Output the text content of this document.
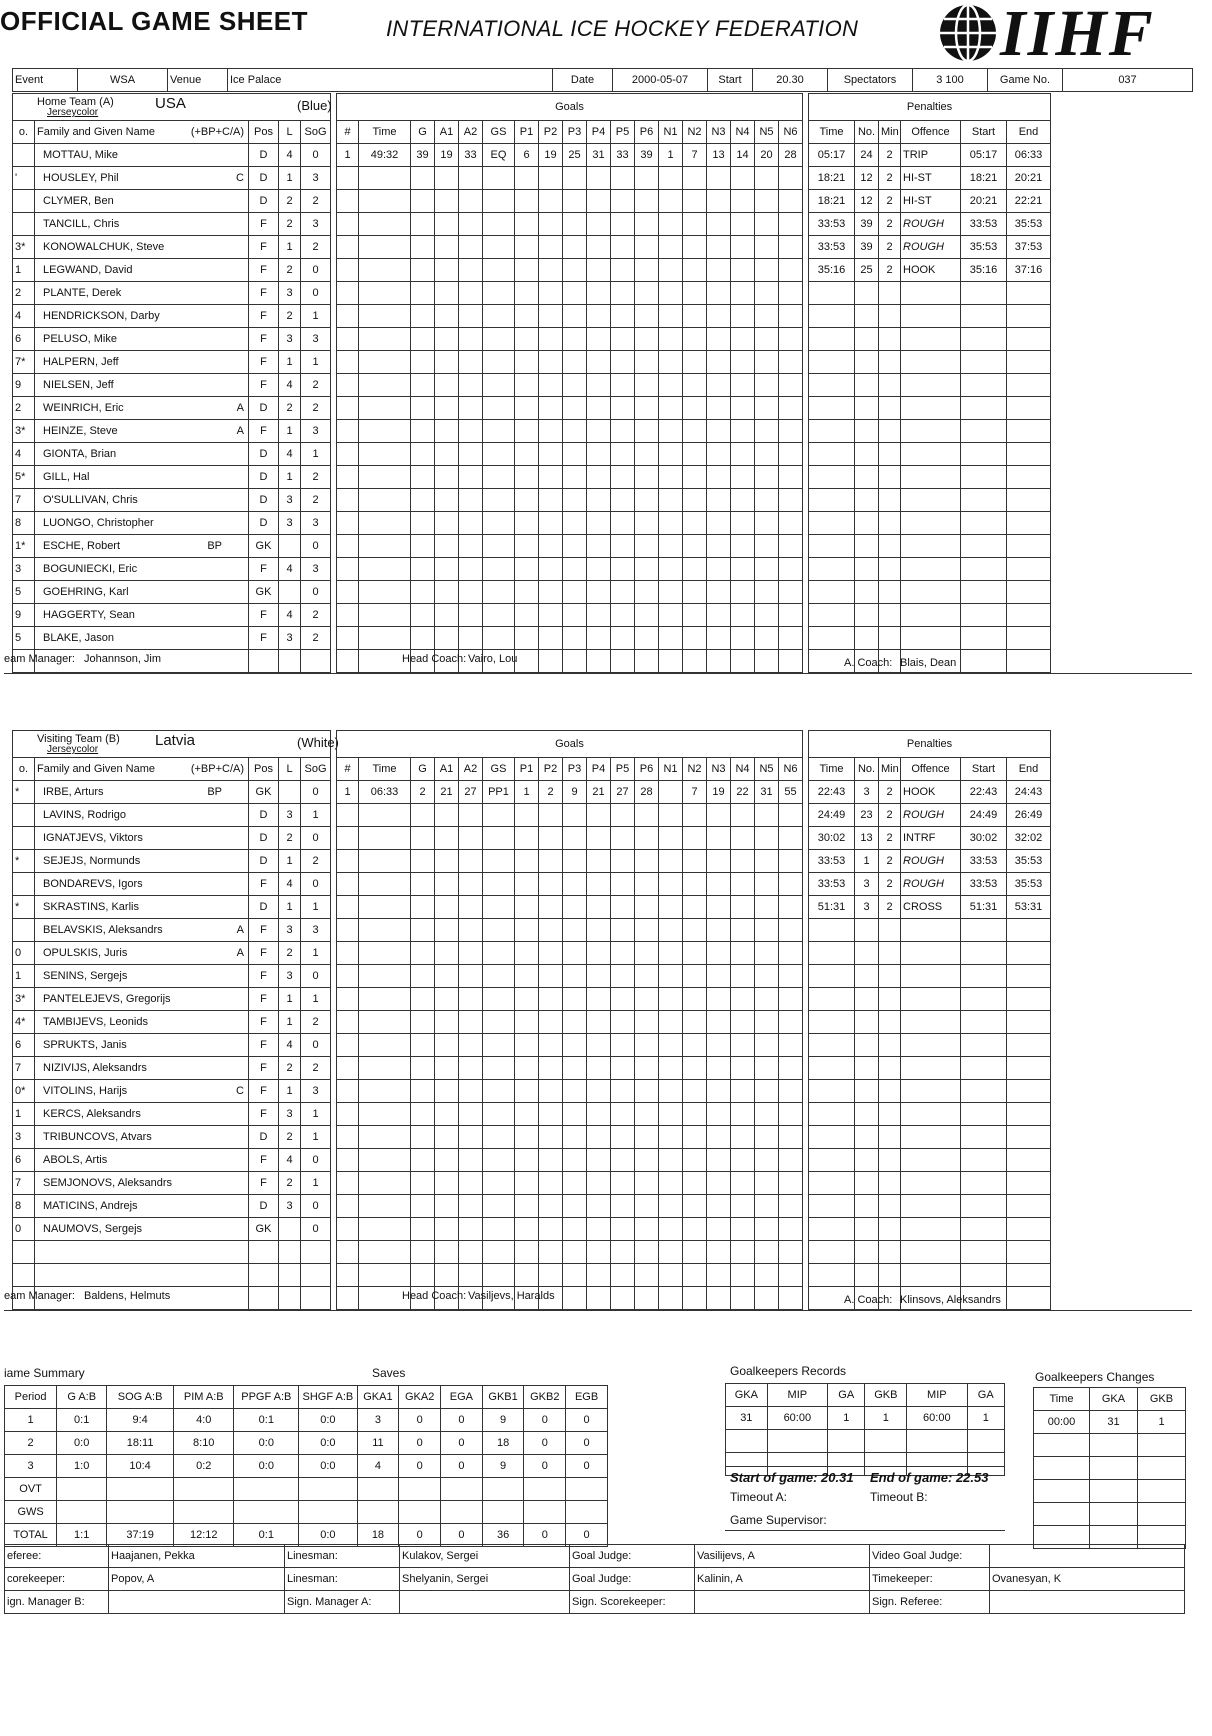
OFFICIAL GAME SHEET	INTERNATIONAL ICE HOCKEY FEDERATION IIHF
Event	WSA	Venue	Ice Palace	Date	2000-05-07	Start	20.30	Spectators	3 100	Game No.	037
Home Team (A)
Jerseycolor
USA (Blue)				

o.	Family and Given Name (+BP+C/A)	Pos	L	SoG
	MOTTAU, Mike	D	4	0
'	HOUSLEY, Phil C	D	1	3
	CLYMER, Ben	D	2	2
	TANCILL, Chris	F	2	3
3*	KONOWALCHUK, Steve	F	1	2
1	LEGWAND, David	F	2	0
2	PLANTE, Derek	F	3	0
4	HENDRICKSON, Darby	F	2	1
6	PELUSO, Mike	F	3	3
7*	HALPERN, Jeff	F	1	1
9	NIELSEN, Jeff	F	4	2
2	WEINRICH, Eric A	D	2	2
3*	HEINZE, Steve A	F	1	3
4	GIONTA, Brian	D	4	1
5*	GILL, Hal	D	1	2
7	O'SULLIVAN, Chris	D	3	2
8	LUONGO, Christopher	D	3	3
1*	ESCHE, Robert BP	GK		0
3	BOGUNIECKI, Eric	F	4	3
5	GOEHRING, Karl	GK		0
9	HAGGERTY, Sean	F	4	2
5	BLAKE, Jason	F	3	2

Goals																	
#	Time	G	A1	A2	GS	P1	P2	P3	P4	P5	P6	N1	N2	N3	N4	N5	N6
1	49:32	39	19	33	EQ	6	19	25	31	33	39	1	7	13	14	20	28

Penalties					
Time	No.	Min	Offence	Start	End
05:17	24	2	TRIP	05:17	06:33
18:21	12	2	HI-ST	18:21	20:21
18:21	12	2	HI-ST	20:21	22:21
33:53	39	2	ROUGH	33:53	35:53
33:53	39	2	ROUGH	35:53	37:53
35:16	25	2	HOOK	35:16	37:16

eam Manager: Johannson, Jim	Head Coach: Vairo, Lou	A. Coach: Blais, Dean
Visiting Team (B)
Jerseycolor
Latvia (White)				

o.	Family and Given Name (+BP+C/A)	Pos	L	SoG
*	IRBE, Arturs BP	GK		0
	LAVINS, Rodrigo	D	3	1
	IGNATJEVS, Viktors	D	2	0
*	SEJEJS, Normunds	D	1	2
	BONDAREVS, Igors	F	4	0
*	SKRASTINS, Karlis	D	1	1
	BELAVSKIS, Aleksandrs A	F	3	3
0	OPULSKIS, Juris A	F	2	1
1	SENINS, Sergejs	F	3	0
3*	PANTELEJEVS, Gregorijs	F	1	1
4*	TAMBIJEVS, Leonids	F	1	2
6	SPRUKTS, Janis	F	4	0
7	NIZIVIJS, Aleksandrs	F	2	2
0*	VITOLINS, Harijs C	F	1	3
1	KERCS, Aleksandrs	F	3	1
3	TRIBUNCOVS, Atvars	D	2	1
6	ABOLS, Artis	F	4	0
7	SEMJONOVS, Aleksandrs	F	2	1
8	MATICINS, Andrejs	D	3	0
0	NAUMOVS, Sergejs	GK		0

Goals																	
#	Time	G	A1	A2	GS	P1	P2	P3	P4	P5	P6	N1	N2	N3	N4	N5	N6
1	06:33	2	21	27	PP1	1	2	9	21	27	28		7	19	22	31	55

Penalties					
Time	No.	Min	Offence	Start	End
22:43	3	2	HOOK	22:43	24:43
24:49	23	2	ROUGH	24:49	26:49
30:02	13	2	INTRF	30:02	32:02
33:53	1	2	ROUGH	33:53	35:53
33:53	3	2	ROUGH	33:53	35:53
51:31	3	2	CROSS	51:31	53:31

eam Manager: Baldens, Helmuts	Head Coach: Vasiljevs, Haralds	A. Coach: Klinsovs, Aleksandrs
iame Summary	Saves
Period	G A:B	SOG A:B	PIM A:B	PPGF A:B	SHGF A:B	GKA1	GKA2	EGA	GKB1	GKB2	EGB
1	0:1	9:4	4:0	0:1	0:0	3	0	0	9	0	0
2	0:0	18:11	8:10	0:0	0:0	11	0	0	18	0	0
3	1:0	10:4	0:2	0:0	0:0	4	0	0	9	0	0
OVT											
GWS											
TOTAL	1:1	37:19	12:12	0:1	0:0	18	0	0	36	0	0
Goalkeepers Records
GKA	MIP	GA	GKB	MIP	GA
31	60:00	1	1	60:00	1

Start of game: 20.31 End of game: 22.53
Timeout A:	Timeout B:
Game Supervisor:
Goalkeepers Changes
Time	GKA	GKB
00:00	31	1

eferee:	Haajanen, Pekka	Linesman:	Kulakov, Sergei	Goal Judge:	Vasilijevs, A	Video Goal Judge:	
corekeeper:	Popov, A	Linesman:	Shelyanin, Sergei	Goal Judge:	Kalinin, A	Timekeeper:	Ovanesyan, K
ign. Manager B:		Sign. Manager A:		Sign. Scorekeeper:		Sign. Referee:	
